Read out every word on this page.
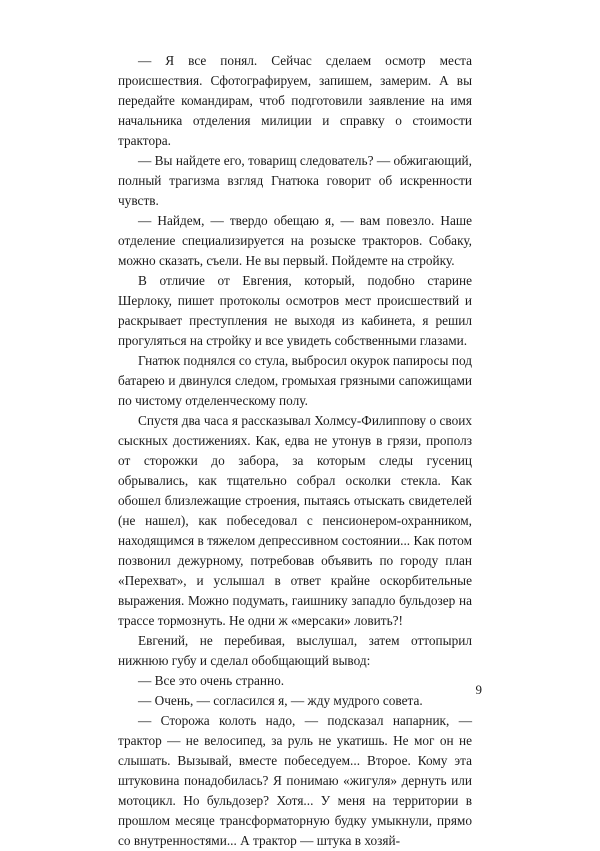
— Я все понял. Сейчас сделаем осмотр места происшествия. Сфотографируем, запишем, замерим. А вы передайте командирам, чтоб подготовили заявление на имя начальника отделения милиции и справку о стоимости трактора.

— Вы найдете его, товарищ следователь? — обжигающий, полный трагизма взгляд Гнатюка говорит об искренности чувств.

— Найдем, — твердо обещаю я, — вам повезло. Наше отделение специализируется на розыске тракторов. Собаку, можно сказать, съели. Не вы первый. Пойдемте на стройку.

В отличие от Евгения, который, подобно старине Шерлоку, пишет протоколы осмотров мест происшествий и раскрывает преступления не выходя из кабинета, я решил прогуляться на стройку и все увидеть собственными глазами.

Гнатюк поднялся со стула, выбросил окурок папиросы под батарею и двинулся следом, громыхая грязными сапожищами по чистому отделенческому полу.

Спустя два часа я рассказывал Холмсу-Филиппову о своих сыскных достижениях. Как, едва не утонув в грязи, прополз от сторожки до забора, за которым следы гусениц обрывались, как тщательно собрал осколки стекла. Как обошел близлежащие строения, пытаясь отыскать свидетелей (не нашел), как побеседовал с пенсионером-охранником, находящимся в тяжелом депрессивном состоянии... Как потом позвонил дежурному, потребовав объявить по городу план «Перехват», и услышал в ответ крайне оскорбительные выражения. Можно подумать, гаишнику западло бульдозер на трассе тормознуть. Не одни ж «мерсаки» ловить?!

Евгений, не перебивая, выслушал, затем оттопырил нижнюю губу и сделал обобщающий вывод:

— Все это очень странно.

— Очень, — согласился я, — жду мудрого совета.

— Сторожа колоть надо, — подсказал напарник, — трактор — не велосипед, за руль не укатишь. Не мог он не слышать. Вызывай, вместе побеседуем... Второе. Кому эта штуковина понадобилась? Я понимаю «жигуля» дернуть или мотоцикл. Но бульдозер? Хотя... У меня на территории в прошлом месяце трансформаторную будку умыкнули, прямо со внутренностями... А трактор — штука в хозяй-

9
